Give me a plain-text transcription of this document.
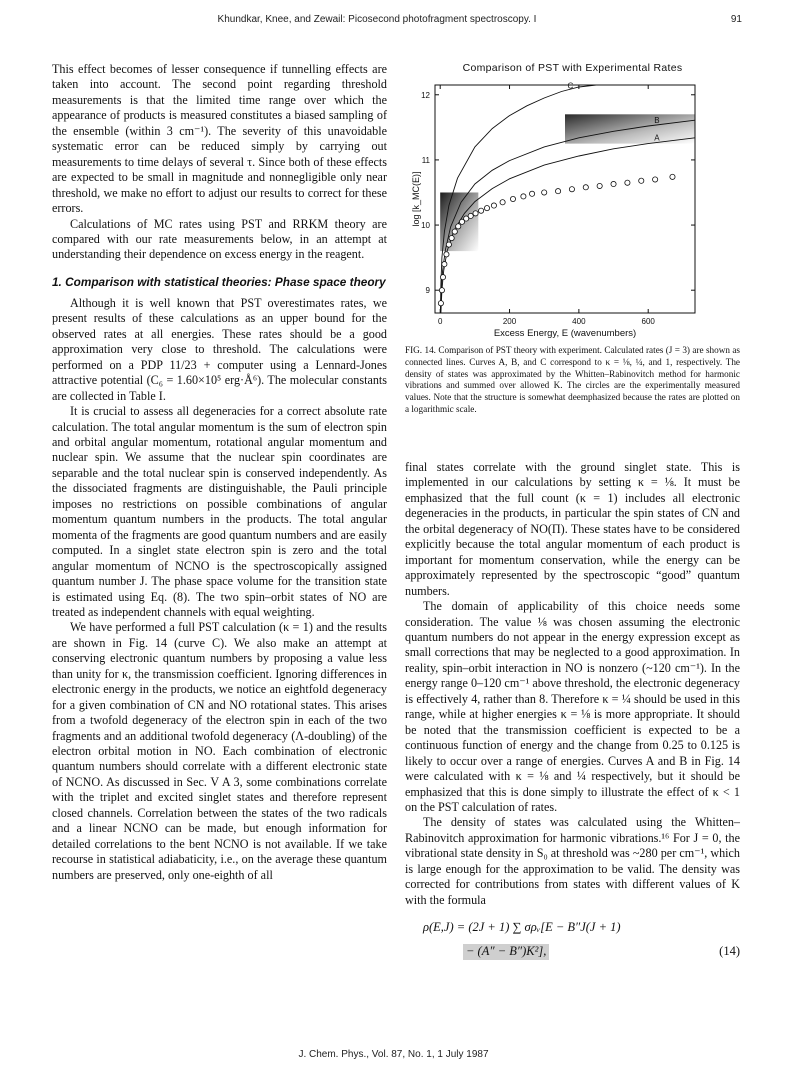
Khundkar, Knee, and Zewail: Picosecond photofragment spectroscopy. I	91

This effect becomes of lesser consequence if tunnelling effects are taken into account. The second point regarding threshold measurements is that the limited time range over which the appearance of products is measured constitutes a biased sampling of the ensemble (within 3 cm⁻¹). The severity of this unavoidable systematic error can be reduced simply by carrying out measurements to time delays of several τ. Since both of these effects are expected to be small in magnitude and nonnegligible only near threshold, we make no effort to adjust our results to correct for these errors.

Calculations of MC rates using PST and RRKM theory are compared with our rate measurements below, in an attempt at understanding their dependence on excess energy in the reagent.

1. Comparison with statistical theories: Phase space theory

Although it is well known that PST overestimates rates, we present results of these calculations as an upper bound for the observed rates at all energies. These rates should be a good approximation very close to threshold. The calculations were performed on a PDP 11/23 + computer using a Lennard-Jones attractive potential (C₆ = 1.60×10⁵ erg·Å⁶). The molecular constants are collected in Table I.

It is crucial to assess all degeneracies for a correct absolute rate calculation. The total angular momentum is the sum of electron spin and orbital angular momentum, rotational angular momentum and nuclear spin. We assume that the nuclear spin coordinates are separable and the total nuclear spin is conserved independently. As the dissociated fragments are distinguishable, the Pauli principle imposes no restrictions on possible combinations of angular momentum quantum numbers in the products. The total angular momenta of the fragments are good quantum numbers and are easily computed. In a singlet state electron spin is zero and the total angular momentum of NCNO is the spectroscopically assigned quantum number J. The phase space volume for the transition state is estimated using Eq. (8). The two spin–orbit states of NO are treated as independent channels with equal weighting.

We have performed a full PST calculation (κ = 1) and the results are shown in Fig. 14 (curve C). We also make an attempt at conserving electronic quantum numbers by proposing a value less than unity for κ, the transmission coefficient. Ignoring differences in electronic energy in the products, we notice an eightfold degeneracy for a given combination of CN and NO rotational states. This arises from a twofold degeneracy of the electron spin in each of the two fragments and an additional twofold degeneracy (Λ-doubling) of the electron orbital motion in NO. Each combination of electronic quantum numbers should correlate with a different electronic state of NCNO. As discussed in Sec. V A 3, some combinations correlate with the triplet and excited singlet states and therefore represent closed channels. Correlation between the states of the two radicals and a linear NCNO can be made, but enough information for detailed correlations to the bent NCNO is not available. If we take recourse in statistical adiabaticity, i.e., on the average these quantum numbers are preserved, only one-eighth of all

Comparison of PST with Experimental Rates
0	200	400	600
9
10
11
12
Excess Energy, E (wavenumbers)
log [k_MC(E)]
A
B
C
FIG. 14. Comparison of PST theory with experiment. Calculated rates (J = 3) are shown as connected lines. Curves A, B, and C correspond to κ = ⅛, ¼, and 1, respectively. The density of states was approximated by the Whitten–Rabinovitch method for harmonic vibrations and summed over allowed K. The circles are the experimentally measured values. Note that the structure is somewhat deemphasized because the rates are plotted on a logarithmic scale.

final states correlate with the ground singlet state. This is implemented in our calculations by setting κ = ⅛. It must be emphasized that the full count (κ = 1) includes all electronic degeneracies in the products, in particular the spin states of CN and the orbital degeneracy of NO(Π). These states have to be considered explicitly because the total angular momentum of each product is important for momentum conservation, while the energy can be approximately represented by the spectroscopic “good” quantum numbers.

The domain of applicability of this choice needs some consideration. The value ⅛ was chosen assuming the electronic quantum numbers do not appear in the energy expression except as small corrections that may be neglected to a good approximation. In reality, spin–orbit interaction in NO is nonzero (~120 cm⁻¹). In the energy range 0–120 cm⁻¹ above threshold, the electronic degeneracy is effectively 4, rather than 8. Therefore κ = ¼ should be used in this range, while at higher energies κ = ⅛ is more appropriate. It should be noted that the transmission coefficient is expected to be a continuous function of energy and the change from 0.25 to 0.125 is likely to occur over a range of energies. Curves A and B in Fig. 14 were calculated with κ = ⅛ and ¼ respectively, but it should be emphasized that this is done simply to illustrate the effect of κ < 1 on the PST calculation of rates.

The density of states was calculated using the Whitten–Rabinovitch approximation for harmonic vibrations.¹⁶ For J = 0, the vibrational state density in S₀ at threshold was ~280 per cm⁻¹, which is large enough for the approximation to be valid. The density was corrected for contributions from states with different values of K with the formula

ρ(E,J) = (2J + 1) ∑ σρᵥ[E − B″J(J + 1)
− (A″ − B″)K²],	(14)
J. Chem. Phys., Vol. 87, No. 1, 1 July 1987
